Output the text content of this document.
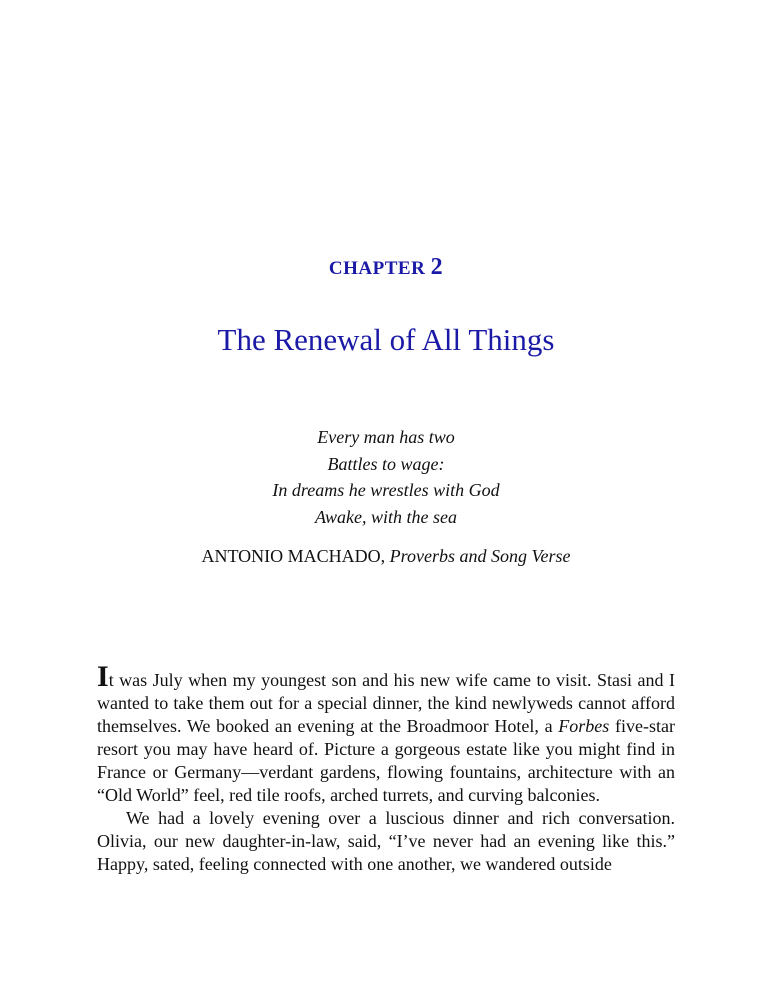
CHAPTER 2
The Renewal of All Things
Every man has two
Battles to wage:
In dreams he wrestles with God
Awake, with the sea
ANTONIO MACHADO, Proverbs and Song Verse

It was July when my youngest son and his new wife came to visit. Stasi and I wanted to take them out for a special dinner, the kind newlyweds cannot afford themselves. We booked an evening at the Broadmoor Hotel, a Forbes five-star resort you may have heard of. Picture a gorgeous estate like you might find in France or Germany—verdant gardens, flowing fountains, architecture with an “Old World” feel, red tile roofs, arched turrets, and curving balconies.

We had a lovely evening over a luscious dinner and rich conversation. Olivia, our new daughter-in-law, said, “I’ve never had an evening like this.” Happy, sated, feeling connected with one another, we wandered outside
